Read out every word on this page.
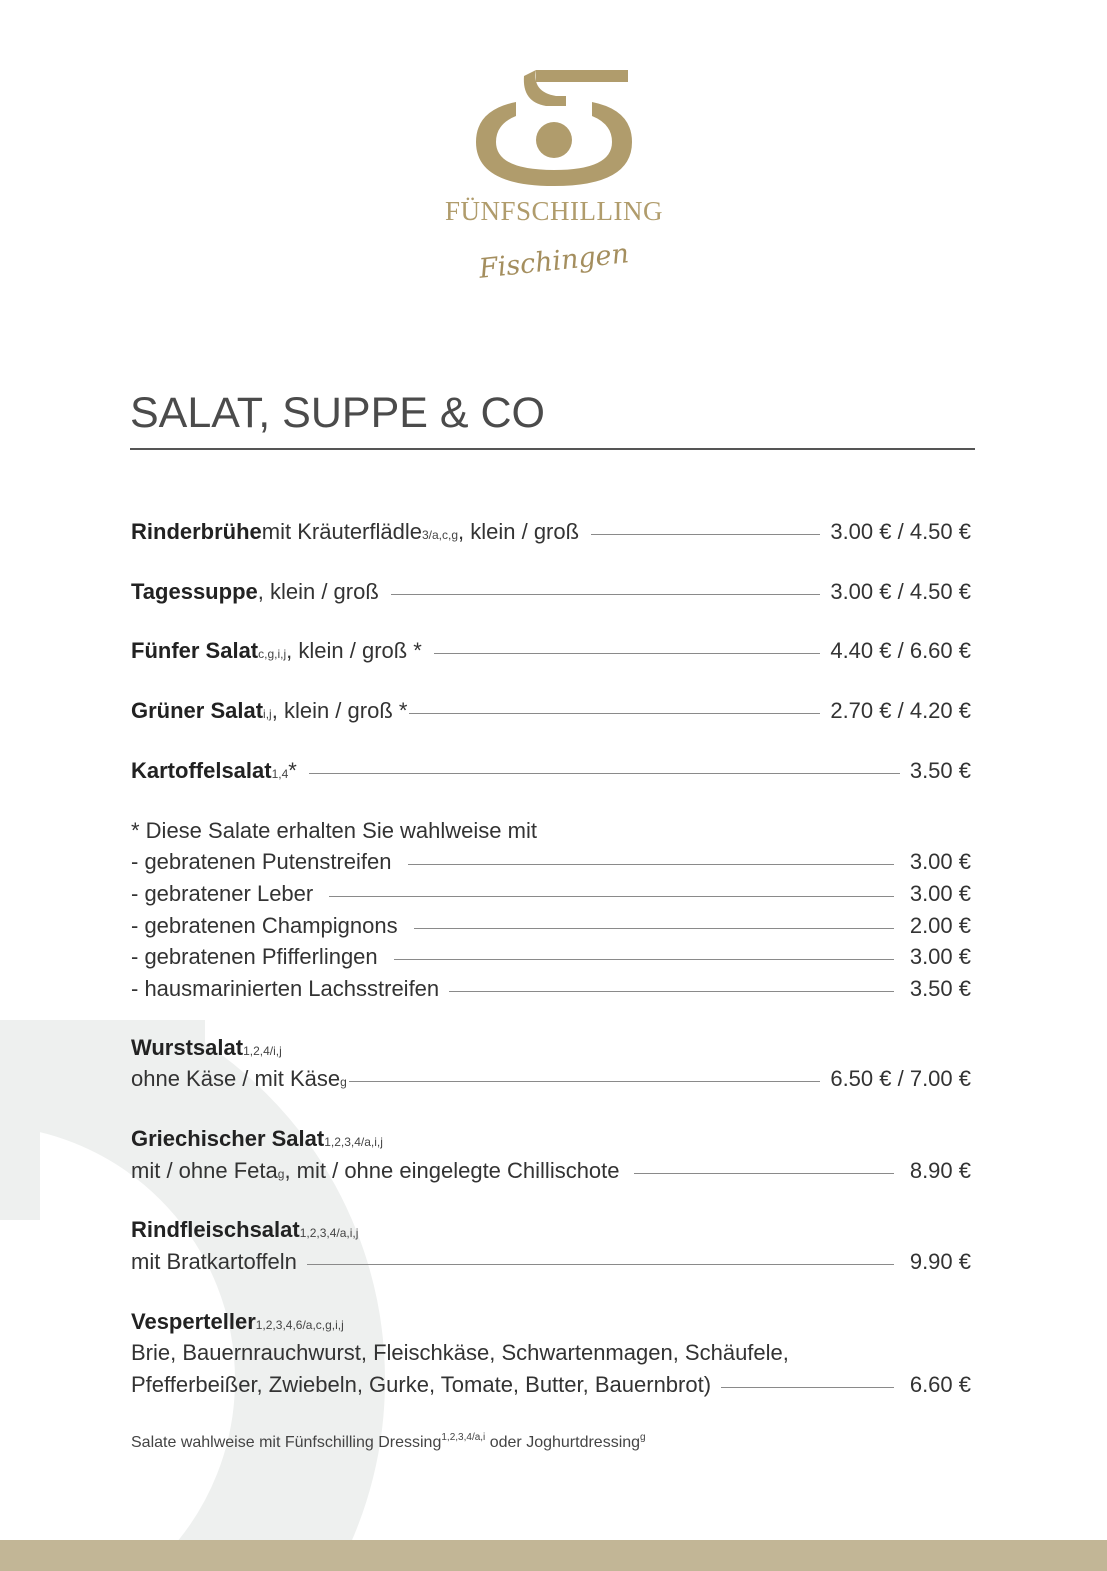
FÜNFSCHILLING
Fischingen
SALAT, SUPPE & CO
Rinderbrühe mit Kräuterflädle 3/a,c,g , klein / groß	3.00 € / 4.50 €
Tagessuppe , klein / groß	3.00 € / 4.50 €
Fünfer Salat c,g,i,j , klein / groß *	4.40 € / 6.60 €
Grüner Salat i,j , klein / groß *	2.70 € / 4.20 €
Kartoffelsalat 1,4 *	3.50 €
* Diese Salate erhalten Sie wahlweise mit
- gebratenen Putenstreifen	3.00 €
- gebratener Leber	3.00 €
- gebratenen Champignons	2.00 €
- gebratenen Pfifferlingen	3.00 €
- hausmarinierten Lachsstreifen	3.50 €
Wurstsalat 1,2,4/i,j
ohne Käse / mit Käse g	6.50 € / 7.00 €
Griechischer Salat 1,2,3,4/a,i,j
mit / ohne Feta g , mit / ohne eingelegte Chillischote	8.90 €
Rindfleischsalat 1,2,3,4/a,i,j
mit Bratkartoffeln	9.90 €
Vesperteller 1,2,3,4,6/a,c,g,i,j
Brie, Bauernrauchwurst, Fleischkäse, Schwartenmagen, Schäufele,
Pfefferbeißer, Zwiebeln, Gurke, Tomate, Butter, Bauernbrot)	6.60 €
Salate wahlweise mit Fünfschilling Dressing$^{1,2,3,4/a,i}$ oder Joghurtdressing$^g$
